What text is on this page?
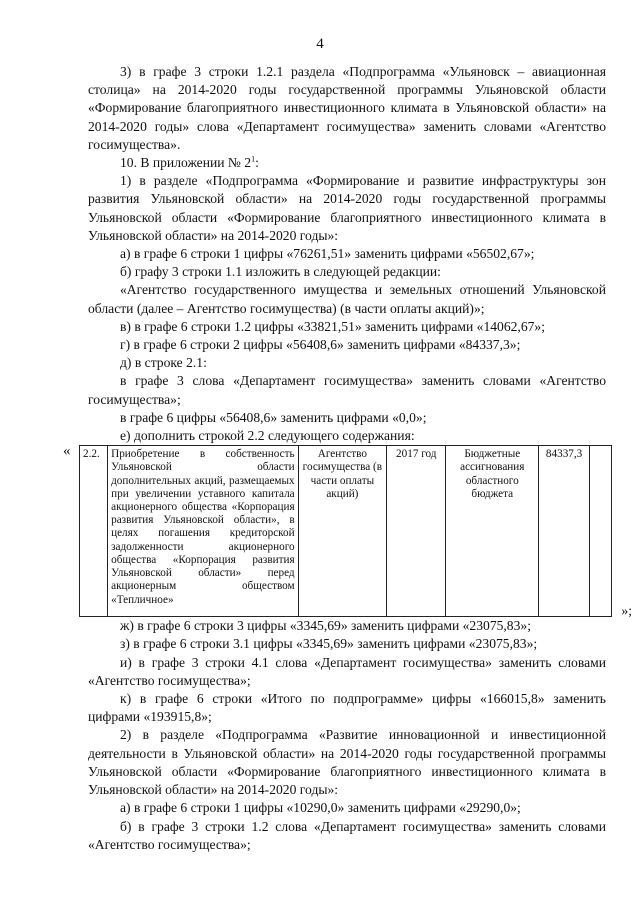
4

3) в графе 3 строки 1.2.1 раздела «Подпрограмма «Ульяновск – авиационная столица» на 2014-2020 годы государственной программы Ульяновской области «Формирование благоприятного инвестиционного климата в Ульяновской области» на 2014-2020 годы» слова «Департамент госимущества» заменить словами «Агентство госимущества».

10. В приложении № $2^1$:

1) в разделе «Подпрограмма «Формирование и развитие инфраструктуры зон развития Ульяновской области» на 2014-2020 годы государственной программы Ульяновской области «Формирование благоприятного инвестиционного климата в Ульяновской области» на 2014-2020 годы»:

а) в графе 6 строки 1 цифры «76261,51» заменить цифрами «56502,67»;

б) графу 3 строки 1.1 изложить в следующей редакции:

«Агентство государственного имущества и земельных отношений Ульяновской области (далее – Агентство госимущества) (в части оплаты акций)»;

в) в графе 6 строки 1.2 цифры «33821,51» заменить цифрами «14062,67»;

г) в графе 6 строки 2 цифры «56408,6» заменить цифрами «84337,3»;

д) в строке 2.1:

в графе 3 слова «Департамент госимущества» заменить словами «Агентство госимущества»;

в графе 6 цифры «56408,6» заменить цифрами «0,0»;

е) дополнить строкой 2.2 следующего содержания:

« 2.2.	Приобретение в собственность Ульяновской области дополнительных акций, размещаемых при увеличении уставного капитала акционерного общества «Корпорация развития Ульяновской области», в целях погашения кредиторской задолженности акционерного общества «Корпорация развития Ульяновской области» перед акционерным обществом «Тепличное»	Агентство госимущества (в части оплаты акций)	2017 год	Бюджетные ассигнования областного бюджета	84337,3	
»;

ж) в графе 6 строки 3 цифры «3345,69» заменить цифрами «23075,83»;

з) в графе 6 строки 3.1 цифры «3345,69» заменить цифрами «23075,83»;

и) в графе 3 строки 4.1 слова «Департамент госимущества» заменить словами «Агентство госимущества»;

к) в графе 6 строки «Итого по подпрограмме» цифры «166015,8» заменить цифрами «193915,8»;

2) в разделе «Подпрограмма «Развитие инновационной и инвестиционной деятельности в Ульяновской области» на 2014-2020 годы государственной программы Ульяновской области «Формирование благоприятного инвестиционного климата в Ульяновской области» на 2014-2020 годы»:

а) в графе 6 строки 1 цифры «10290,0» заменить цифрами «29290,0»;

б) в графе 3 строки 1.2 слова «Департамент госимущества» заменить словами «Агентство госимущества»;
